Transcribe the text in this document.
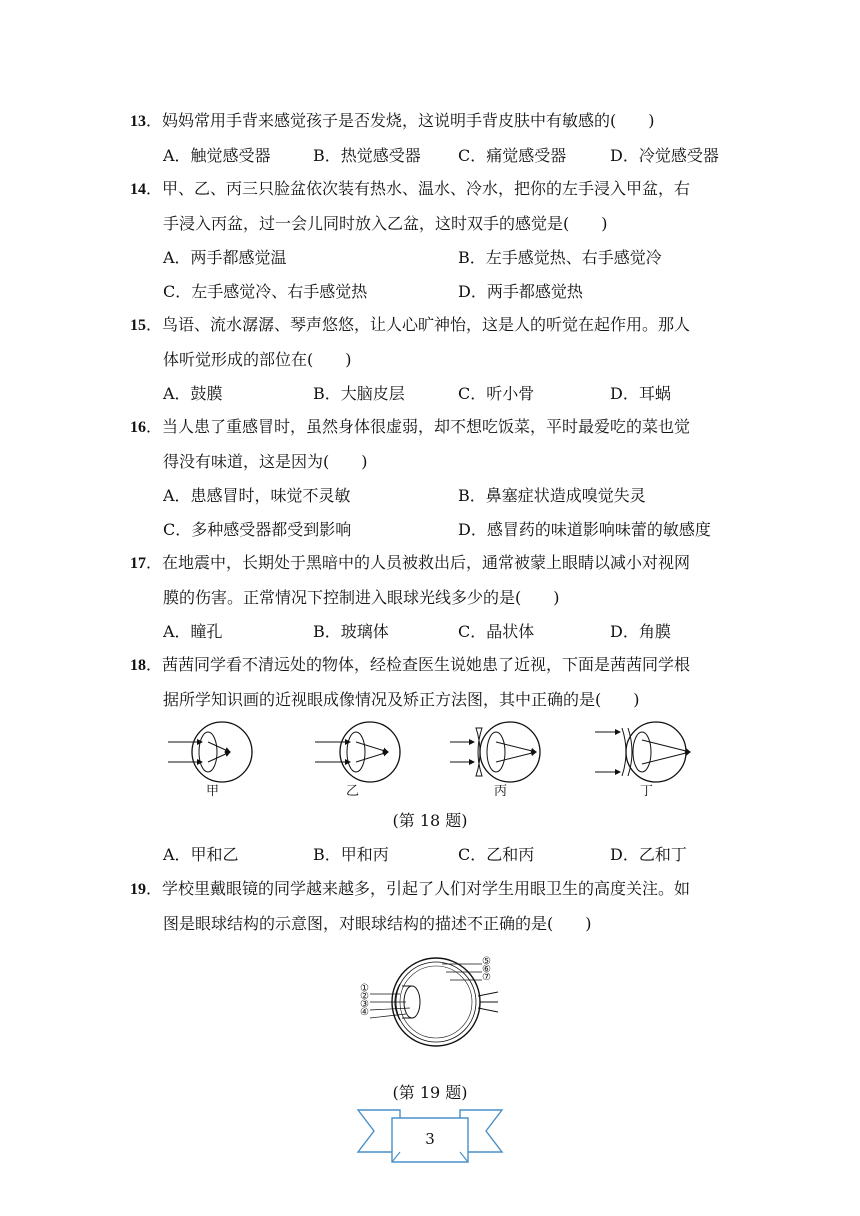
13．妈妈常用手背来感觉孩子是否发烧，这说明手背皮肤中有敏感的(　　)
A．触觉感受器	B．热觉感受器 C．痛觉感受器	D．冷觉感受器
14．甲、乙、丙三只脸盆依次装有热水、温水、冷水，把你的左手浸入甲盆，右
手浸入丙盆，过一会儿同时放入乙盆，这时双手的感觉是(　　)
A．两手都感觉温	B．左手感觉热、右手感觉冷
C．左手感觉冷、右手感觉热	D．两手都感觉热
15．鸟语、流水潺潺、琴声悠悠，让人心旷神怡，这是人的听觉在起作用。那人
体听觉形成的部位在(　　)
A．鼓膜	B．大脑皮层	C．听小骨	D．耳蜗
16．当人患了重感冒时，虽然身体很虚弱，却不想吃饭菜，平时最爱吃的菜也觉
得没有味道，这是因为(　　)
A．患感冒时，味觉不灵敏	B．鼻塞症状造成嗅觉失灵
C．多种感受器都受到影响	D．感冒药的味道影响味蕾的敏感度
17．在地震中，长期处于黑暗中的人员被救出后，通常被蒙上眼睛以减小对视网
膜的伤害。正常情况下控制进入眼球光线多少的是(　　)
A．瞳孔	B．玻璃体	C．晶状体	D．角膜
18．茜茜同学看不清远处的物体，经检查医生说她患了近视，下面是茜茜同学根
据所学知识画的近视眼成像情况及矫正方法图，其中正确的是(　　)
甲	乙	丙	丁
(第 18 题)
A．甲和乙	B．甲和丙	C．乙和丙	D．乙和丁
19．学校里戴眼镜的同学越来越多，引起了人们对学生用眼卫生的高度关注。如
图是眼球结构的示意图，对眼球结构的描述不正确的是(　　)
①
②
③
④
⑤
⑥
⑦
(第 19 题)
3
